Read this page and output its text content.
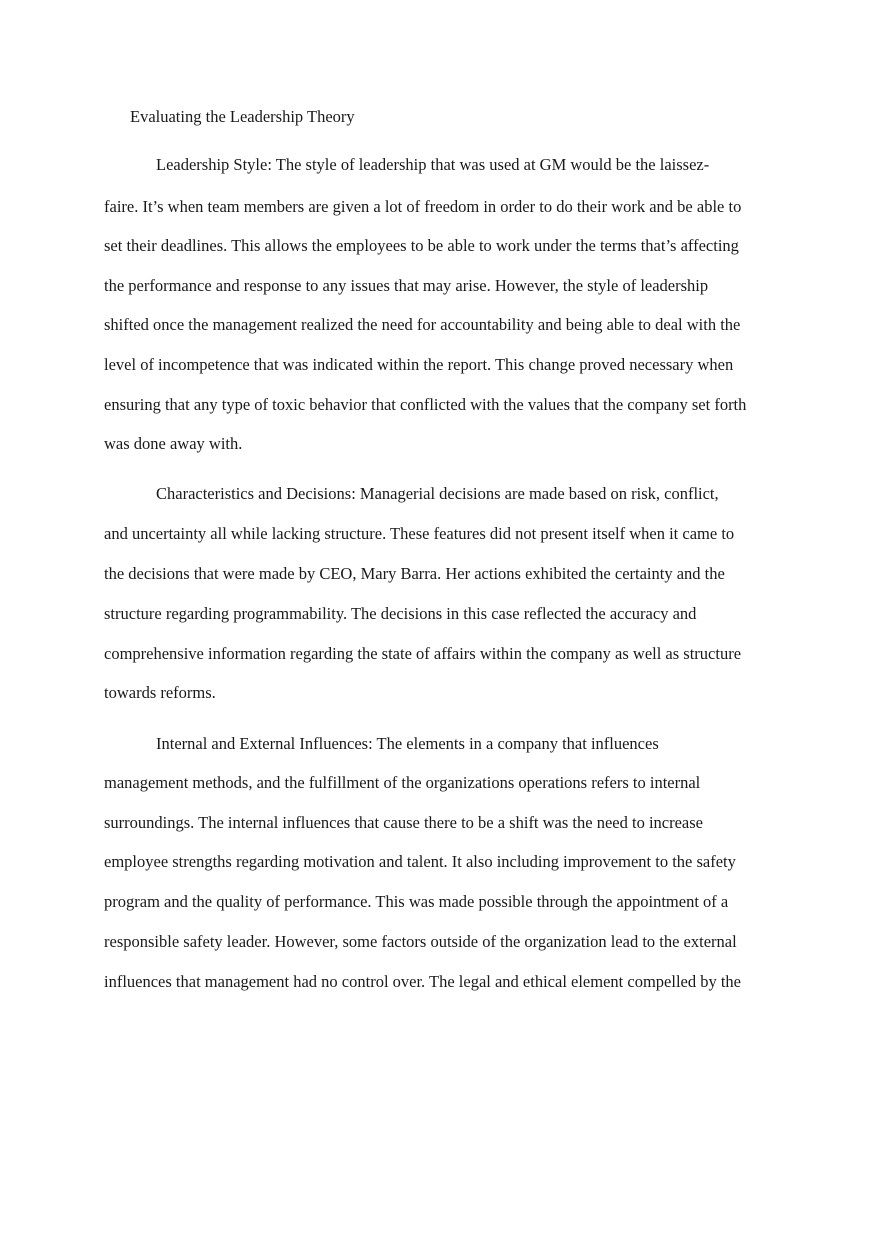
Evaluating the Leadership Theory

Leadership Style: The style of leadership that was used at GM would be the laissez-

faire. It’s when team members are given a lot of freedom in order to do their work and be able to

set their deadlines. This allows the employees to be able to work under the terms that’s affecting

the performance and response to any issues that may arise. However, the style of leadership

shifted once the management realized the need for accountability and being able to deal with the

level of incompetence that was indicated within the report. This change proved necessary when

ensuring that any type of toxic behavior that conflicted with the values that the company set forth

was done away with.

Characteristics and Decisions: Managerial decisions are made based on risk, conflict,

and uncertainty all while lacking structure. These features did not present itself when it came to

the decisions that were made by CEO, Mary Barra. Her actions exhibited the certainty and the

structure regarding programmability. The decisions in this case reflected the accuracy and

comprehensive information regarding the state of affairs within the company as well as structure

towards reforms.

Internal and External Influences: The elements in a company that influences

management methods, and the fulfillment of the organizations operations refers to internal

surroundings. The internal influences that cause there to be a shift was the need to increase

employee strengths regarding motivation and talent. It also including improvement to the safety

program and the quality of performance. This was made possible through the appointment of a

responsible safety leader. However, some factors outside of the organization lead to the external

influences that management had no control over. The legal and ethical element compelled by the
